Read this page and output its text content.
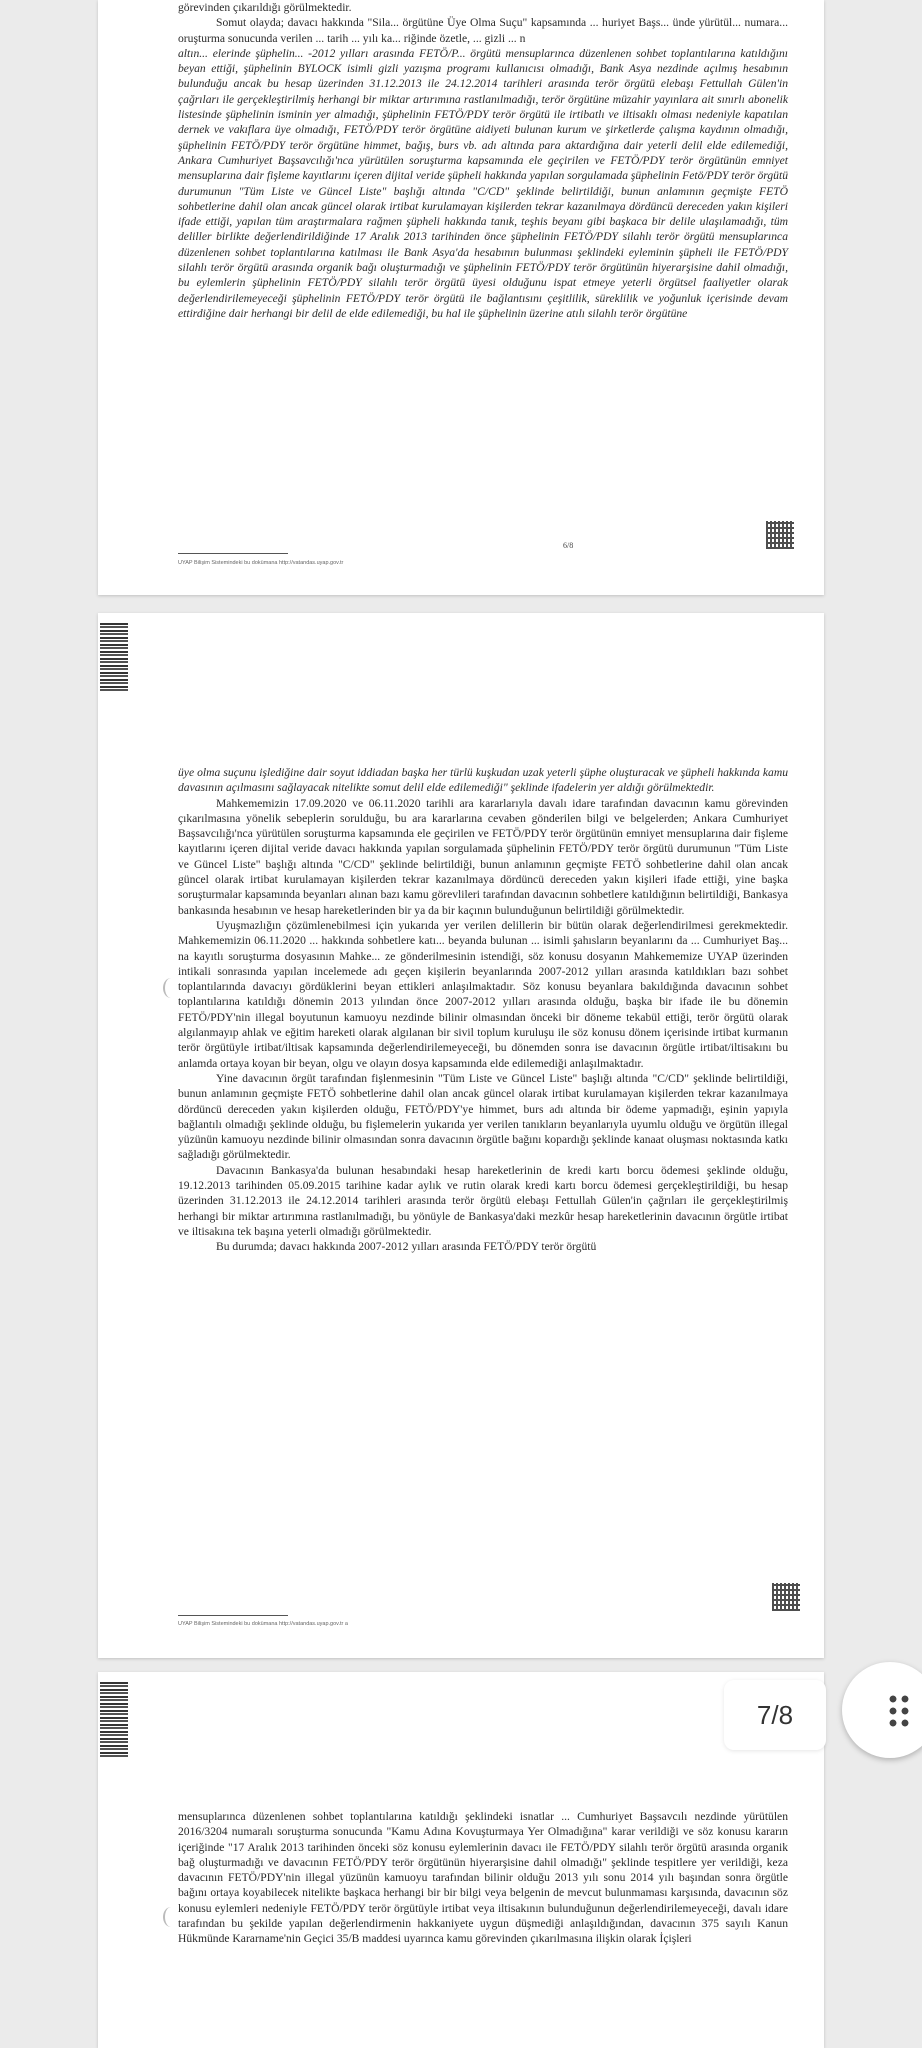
görevinden çıkarıldığı görülmektedir.

Somut olayda; davacı hakkında "Sila... örgütüne Üye Olma Suçu" kapsamında ... huriyet Başs... ünde yürütül... numara... oruşturma sonucunda verilen ... tarih ... yılı ka... riğinde özetle, ... gizli ... n

altın... elerinde şüphelin... -2012 yılları arasında FETÖ/P... örgütü mensuplarınca düzenlenen sohbet toplantılarına katıldığını beyan ettiği, şüphelinin BYLOCK isimli gizli yazışma programı kullanıcısı olmadığı, Bank Asya nezdinde açılmış hesabının bulunduğu ancak bu hesap üzerinden 31.12.2013 ile 24.12.2014 tarihleri arasında terör örgütü elebaşı Fettullah Gülen'in çağrıları ile gerçekleştirilmiş herhangi bir miktar artırımına rastlanılmadığı, terör örgütüne müzahir yayınlara ait sınırlı abonelik listesinde şüphelinin isminin yer almadığı, şüphelinin FETÖ/PDY terör örgütü ile irtibatlı ve iltisaklı olması nedeniyle kapatılan dernek ve vakıflara üye olmadığı, FETÖ/PDY terör örgütüne aidiyeti bulunan kurum ve şirketlerde çalışma kaydının olmadığı, şüphelinin FETÖ/PDY terör örgütüne himmet, bağış, burs vb. adı altında para aktardığına dair yeterli delil elde edilemediği, Ankara Cumhuriyet Başsavcılığı'nca yürütülen soruşturma kapsamında ele geçirilen ve FETÖ/PDY terör örgütünün emniyet mensuplarına dair fişleme kayıtlarını içeren dijital veride şüpheli hakkında yapılan sorgulamada şüphelinin Fetö/PDY terör örgütü durumunun "Tüm Liste ve Güncel Liste" başlığı altında "C/CD" şeklinde belirtildiği, bunun anlamının geçmişte FETÖ sohbetlerine dahil olan ancak güncel olarak irtibat kurulamayan kişilerden tekrar kazanılmaya dördüncü dereceden yakın kişileri ifade ettiği, yapılan tüm araştırmalara rağmen şüpheli hakkında tanık, teşhis beyanı gibi başkaca bir delile ulaşılamadığı, tüm deliller birlikte değerlendirildiğinde 17 Aralık 2013 tarihinden önce şüphelinin FETÖ/PDY silahlı terör örgütü mensuplarınca düzenlenen sohbet toplantılarına katılması ile Bank Asya'da hesabının bulunması şeklindeki eyleminin şüpheli ile FETÖ/PDY silahlı terör örgütü arasında organik bağı oluşturmadığı ve şüphelinin FETÖ/PDY terör örgütünün hiyerarşisine dahil olmadığı, bu eylemlerin şüphelinin FETÖ/PDY silahlı terör örgütü üyesi olduğunu ispat etmeye yeterli örgütsel faaliyetler olarak değerlendirilemeyeceği şüphelinin FETÖ/PDY terör örgütü ile bağlantısını çeşitlilik, süreklilik ve yoğunluk içerisinde devam ettirdiğine dair herhangi bir delil de elde edilemediği, bu hal ile şüphelinin üzerine atılı silahlı terör örgütüne

UYAP Bilişim Sistemindeki bu dokümana http://vatandas.uyap.gov.tr
6/8

üye olma suçunu işlediğine dair soyut iddiadan başka her türlü kuşkudan uzak yeterli şüphe oluşturacak ve şüpheli hakkında kamu davasının açılmasını sağlayacak nitelikte somut delil elde edilemediği" şeklinde ifadelerin yer aldığı görülmektedir.

Mahkememizin 17.09.2020 ve 06.11.2020 tarihli ara kararlarıyla davalı idare tarafından davacının kamu görevinden çıkarılmasına yönelik sebeplerin sorulduğu, bu ara kararlarına cevaben gönderilen bilgi ve belgelerden; Ankara Cumhuriyet Başsavcılığı'nca yürütülen soruşturma kapsamında ele geçirilen ve FETÖ/PDY terör örgütünün emniyet mensuplarına dair fişleme kayıtlarını içeren dijital veride davacı hakkında yapılan sorgulamada şüphelinin FETÖ/PDY terör örgütü durumunun "Tüm Liste ve Güncel Liste" başlığı altında "C/CD" şeklinde belirtildiği, bunun anlamının geçmişte FETÖ sohbetlerine dahil olan ancak güncel olarak irtibat kurulamayan kişilerden tekrar kazanılmaya dördüncü dereceden yakın kişileri ifade ettiği, yine başka soruşturmalar kapsamında beyanları alınan bazı kamu görevlileri tarafından davacının sohbetlere katıldığının belirtildiği, Bankasya bankasında hesabının ve hesap hareketlerinden bir ya da bir kaçının bulunduğunun belirtildiği görülmektedir.

Uyuşmazlığın çözümlenebilmesi için yukarıda yer verilen delillerin bir bütün olarak değerlendirilmesi gerekmektedir. Mahkememizin 06.11.2020 ... hakkında sohbetlere katı... beyanda bulunan ... isimli şahısların beyanlarını da ... Cumhuriyet Baş... na kayıtlı soruşturma dosyasının Mahke... ze gönderilmesinin istendiği, söz konusu dosyanın Mahkememize UYAP üzerinden intikali sonrasında yapılan incelemede adı geçen kişilerin beyanlarında 2007-2012 yılları arasında katıldıkları bazı sohbet toplantılarında davacıyı gördüklerini beyan ettikleri anlaşılmaktadır. Söz konusu beyanlara bakıldığında davacının sohbet toplantılarına katıldığı dönemin 2013 yılından önce 2007-2012 yılları arasında olduğu, başka bir ifade ile bu dönemin FETÖ/PDY'nin illegal boyutunun kamuoyu nezdinde bilinir olmasından önceki bir döneme tekabül ettiği, terör örgütü olarak algılanmayıp ahlak ve eğitim hareketi olarak algılanan bir sivil toplum kuruluşu ile söz konusu dönem içerisinde irtibat kurmanın terör örgütüyle irtibat/iltisak kapsamında değerlendirilemeyeceği, bu dönemden sonra ise davacının örgütle irtibat/iltisakını bu anlamda ortaya koyan bir beyan, olgu ve olayın dosya kapsamında elde edilemediği anlaşılmaktadır.

Yine davacının örgüt tarafından fişlenmesinin "Tüm Liste ve Güncel Liste" başlığı altında "C/CD" şeklinde belirtildiği, bunun anlamının geçmişte FETÖ sohbetlerine dahil olan ancak güncel olarak irtibat kurulamayan kişilerden tekrar kazanılmaya dördüncü dereceden yakın kişilerden olduğu, FETÖ/PDY'ye himmet, burs adı altında bir ödeme yapmadığı, eşinin yapıyla bağlantılı olmadığı şeklinde olduğu, bu fişlemelerin yukarıda yer verilen tanıkların beyanlarıyla uyumlu olduğu ve örgütün illegal yüzünün kamuoyu nezdinde bilinir olmasından sonra davacının örgütle bağını kopardığı şeklinde kanaat oluşması noktasında katkı sağladığı görülmektedir.

Davacının Bankasya'da bulunan hesabındaki hesap hareketlerinin de kredi kartı borcu ödemesi şeklinde olduğu, 19.12.2013 tarihinden 05.09.2015 tarihine kadar aylık ve rutin olarak kredi kartı borcu ödemesi gerçekleştirildiği, bu hesap üzerinden 31.12.2013 ile 24.12.2014 tarihleri arasında terör örgütü elebaşı Fettullah Gülen'in çağrıları ile gerçekleştirilmiş herhangi bir miktar artırımına rastlanılmadığı, bu yönüyle de Bankasya'daki mezkûr hesap hareketlerinin davacının örgütle irtibat ve iltisakına tek başına yeterli olmadığı görülmektedir.

Bu durumda; davacı hakkında 2007-2012 yılları arasında FETÖ/PDY terör örgütü

UYAP Bilişim Sistemindeki bu dokümana http://vatandas.uyap.gov.tr a

mensuplarınca düzenlenen sohbet toplantılarına katıldığı şeklindeki isnatlar ... Cumhuriyet Başsavcılı nezdinde yürütülen 2016/3204 numaralı soruşturma sonucunda "Kamu Adına Kovuşturmaya Yer Olmadığına" karar verildiği ve söz konusu kararın içeriğinde "17 Aralık 2013 tarihinden önceki söz konusu eylemlerinin davacı ile FETÖ/PDY silahlı terör örgütü arasında organik bağ oluşturmadığı ve davacının FETÖ/PDY terör örgütünün hiyerarşisine dahil olmadığı" şeklinde tespitlere yer verildiği, keza davacının FETÖ/PDY'nin illegal yüzünün kamuoyu tarafından bilinir olduğu 2013 yılı sonu 2014 yılı başından sonra örgütle bağını ortaya koyabilecek nitelikte başkaca herhangi bir bir bilgi veya belgenin de mevcut bulunmaması karşısında, davacının söz konusu eylemleri nedeniyle FETÖ/PDY terör örgütüyle irtibat veya iltisakının bulunduğunun değerlendirilemeyeceği, davalı idare tarafından bu şekilde yapılan değerlendirmenin hakkaniyete uygun düşmediği anlaşıldığından, davacının 375 sayılı Kanun Hükmünde Kararname'nin Geçici 35/B maddesi uyarınca kamu görevinden çıkarılmasına ilişkin olarak İçişleri

7/8
